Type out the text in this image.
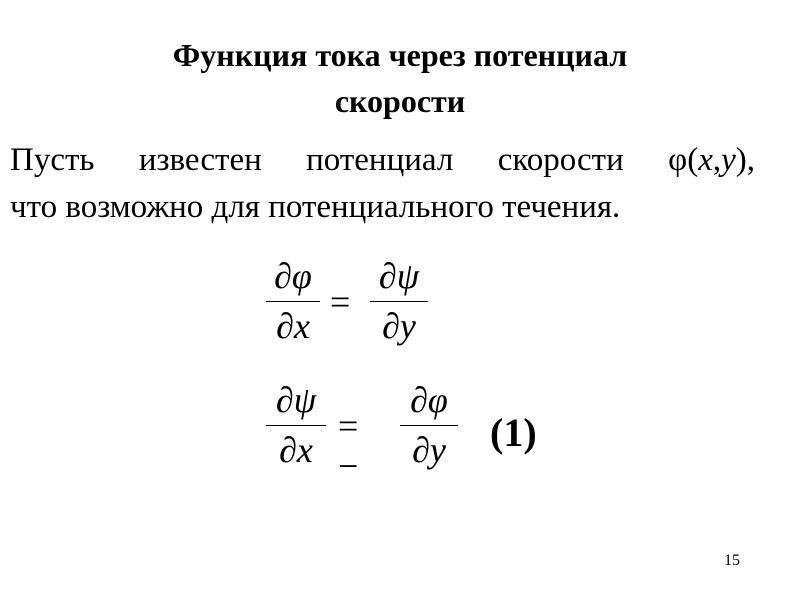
Функция тока через потенциал
скорости
Пусть известен потенциал скорости φ(x,y),
что возможно для потенциального течения.
∂φ
∂x
=
∂ψ
∂y
∂ψ
∂x
= −
∂φ
∂y	(1)
15
